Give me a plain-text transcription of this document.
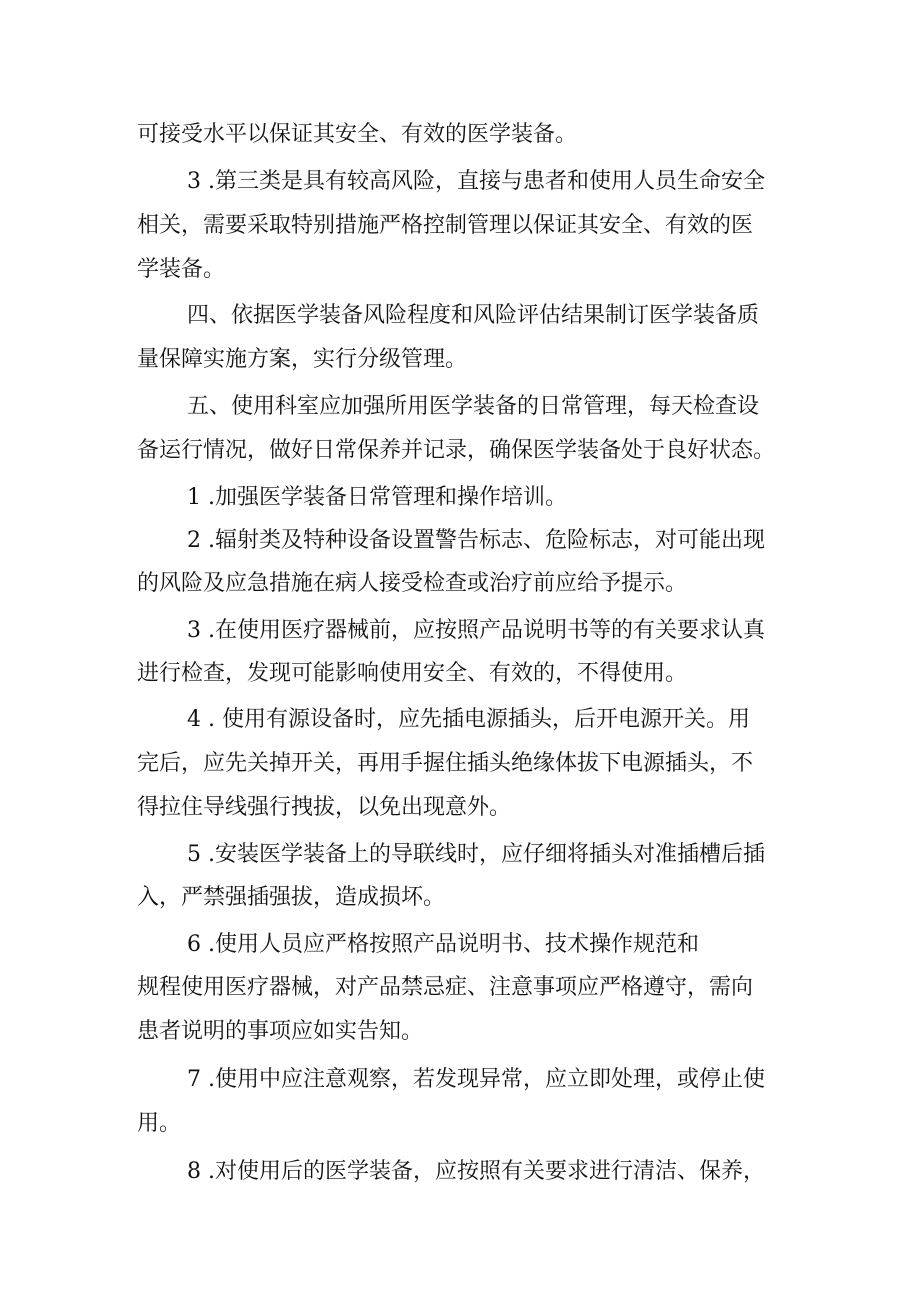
可接受水平以保证其安全、有效的医学装备。
3 .第三类是具有较高风险，直接与患者和使用人员生命安全
相关，需要采取特别措施严格控制管理以保证其安全、有效的医
学装备。
四、依据医学装备风险程度和风险评估结果制订医学装备质
量保障实施方案，实行分级管理。
五、使用科室应加强所用医学装备的日常管理，每天检查设
备运行情况，做好日常保养并记录，确保医学装备处于良好状态。
1 .加强医学装备日常管理和操作培训。
2 .辐射类及特种设备设置警告标志、危险标志，对可能出现
的风险及应急措施在病人接受检查或治疗前应给予提示。
3 .在使用医疗器械前，应按照产品说明书等的有关要求认真
进行检查，发现可能影响使用安全、有效的，不得使用。
4 . 使用有源设备时，应先插电源插头，后开电源开关。用
完后，应先关掉开关，再用手握住插头绝缘体拔下电源插头，不
得拉住导线强行拽拔，以免出现意外。
5 .安装医学装备上的导联线时，应仔细将插头对准插槽后插
入，严禁强插强拔，造成损坏。
6 .使用人员应严格按照产品说明书、技术操作规范和
规程使用医疗器械，对产品禁忌症、注意事项应严格遵守，需向
患者说明的事项应如实告知。
7 .使用中应注意观察，若发现异常，应立即处理，或停止使
用。
8 .对使用后的医学装备，应按照有关要求进行清洁、保养，
